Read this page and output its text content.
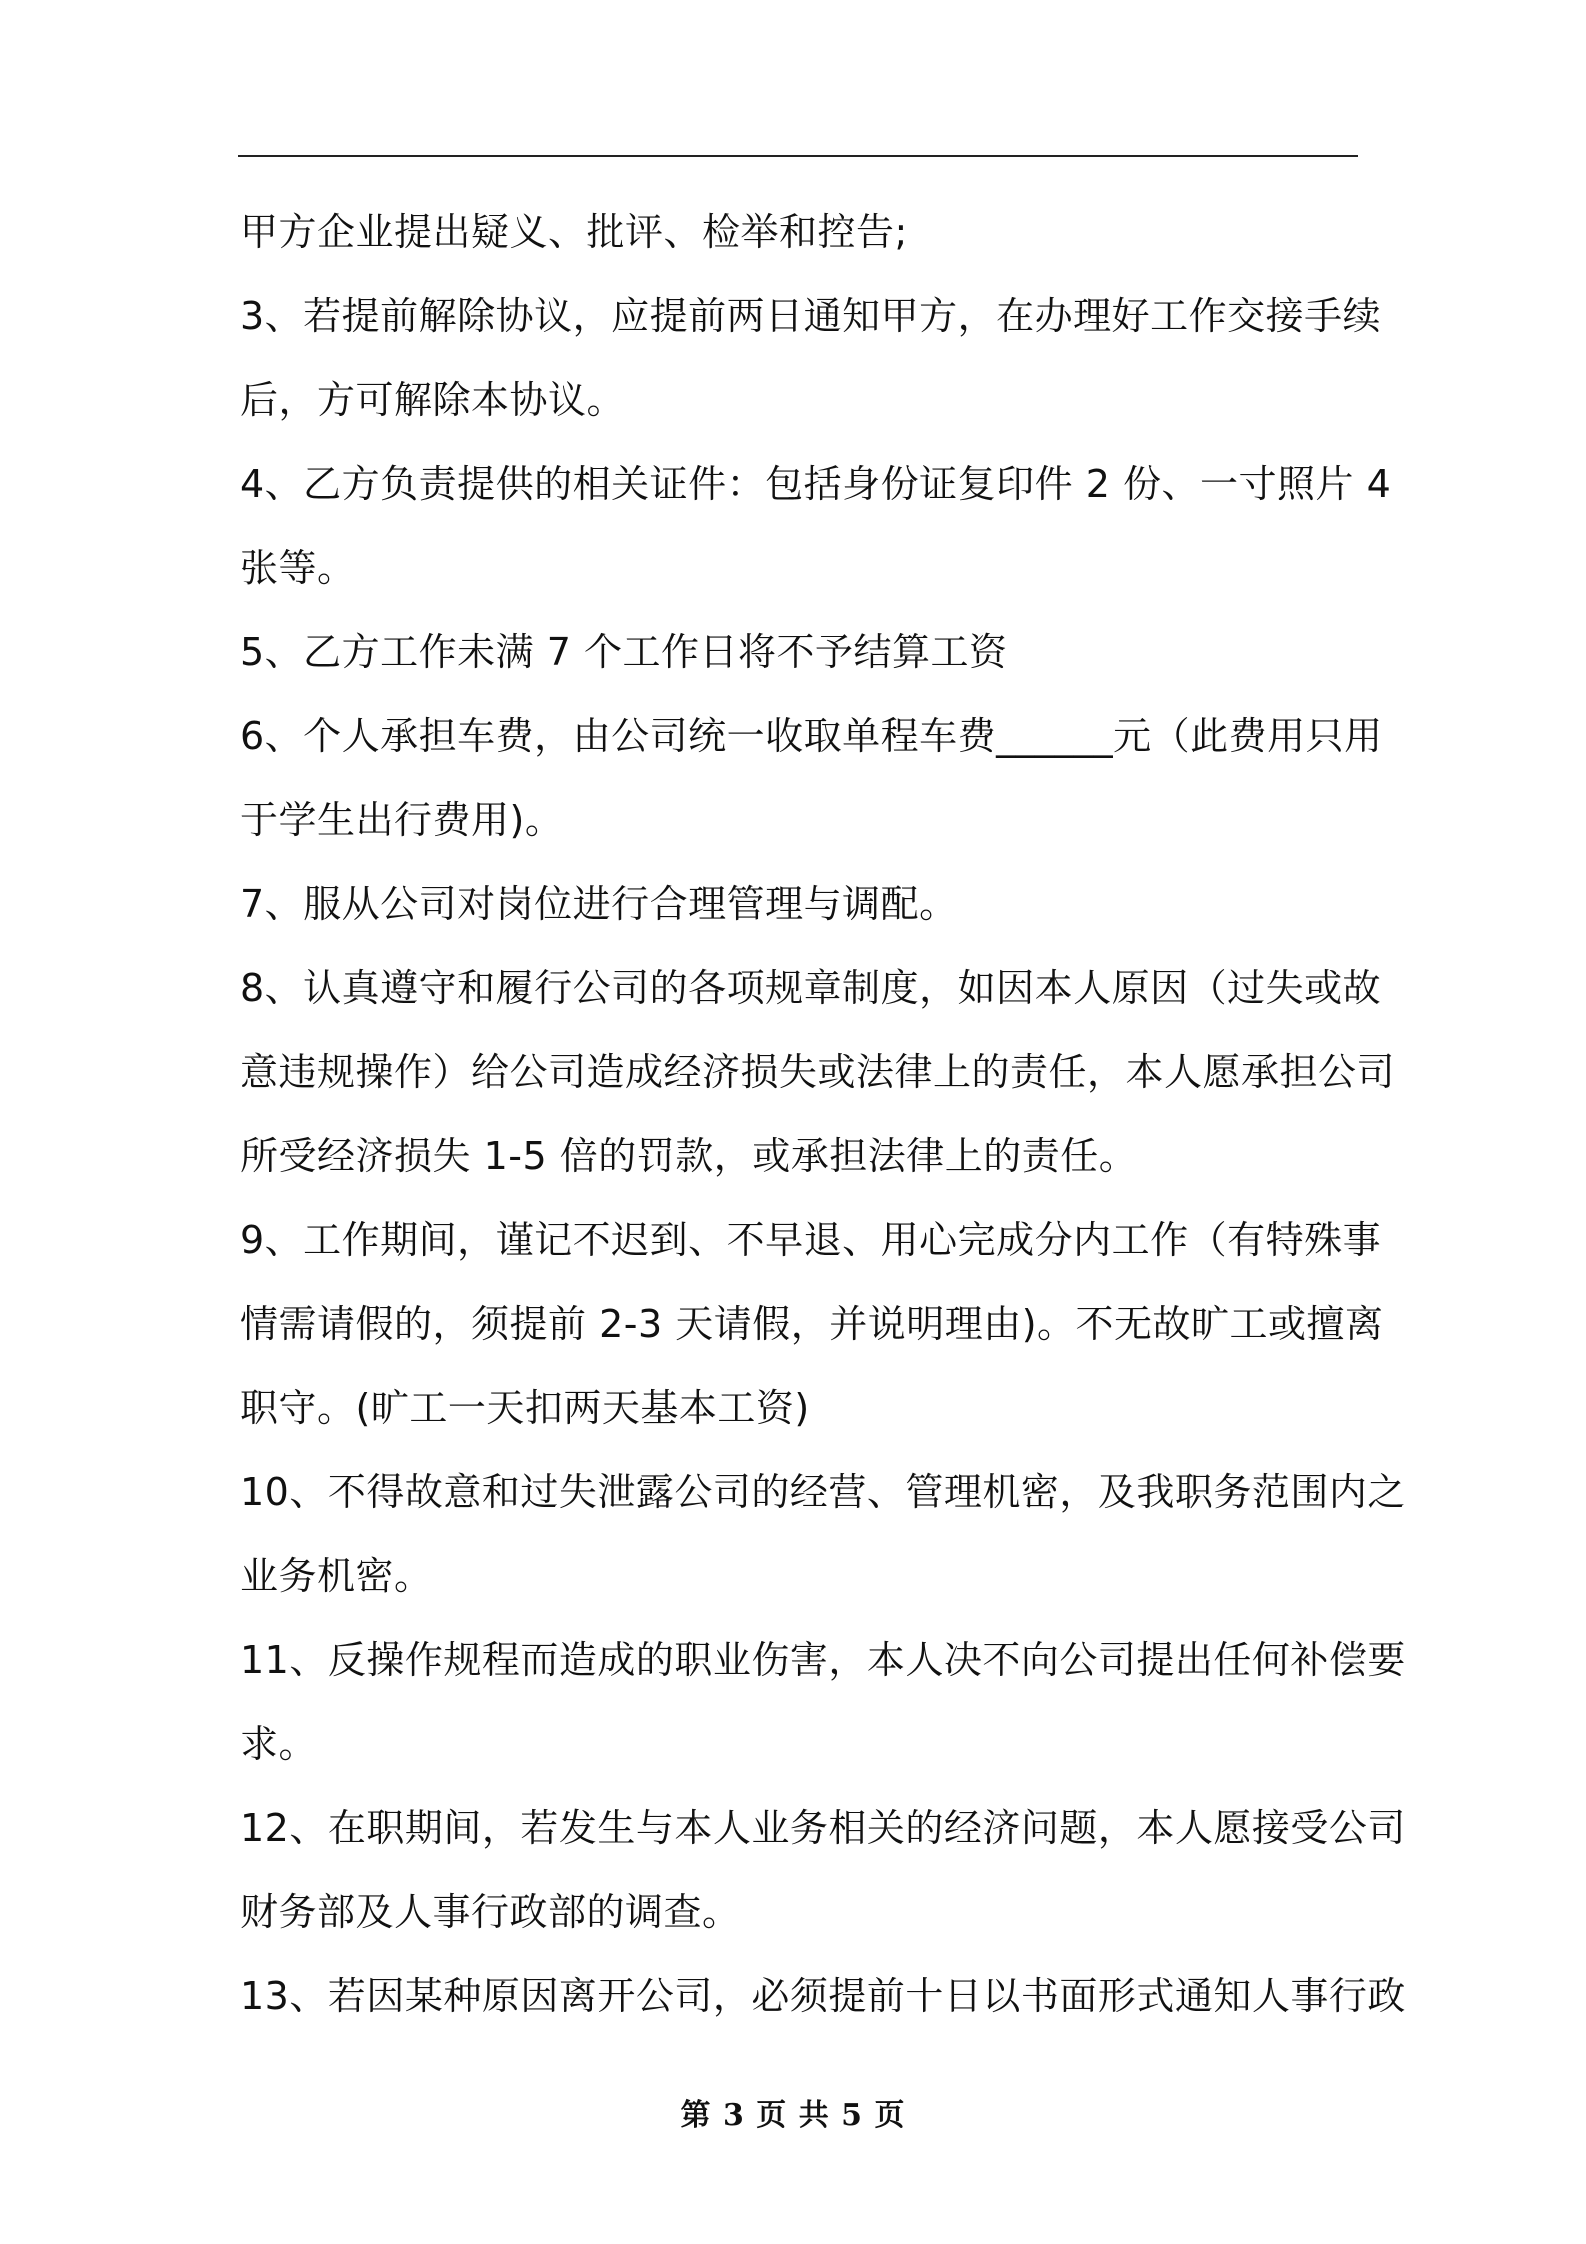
甲方企业提出疑义、批评、检举和控告;
3、若提前解除协议，应提前两日通知甲方，在办理好工作交接手续
后，方可解除本协议。
4、乙方负责提供的相关证件：包括身份证复印件 2 份、一寸照片 4
张等。
5、乙方工作未满 7 个工作日将不予结算工资
6、个人承担车费，由公司统一收取单程车费______元（此费用只用
于学生出行费用)。
7、服从公司对岗位进行合理管理与调配。
8、认真遵守和履行公司的各项规章制度，如因本人原因（过失或故
意违规操作）给公司造成经济损失或法律上的责任，本人愿承担公司
所受经济损失 1-5 倍的罚款，或承担法律上的责任。
9、工作期间，谨记不迟到、不早退、用心完成分内工作（有特殊事
情需请假的，须提前 2-3 天请假，并说明理由)。不无故旷工或擅离
职守。(旷工一天扣两天基本工资)
10、不得故意和过失泄露公司的经营、管理机密，及我职务范围内之
业务机密。
11、反操作规程而造成的职业伤害，本人决不向公司提出任何补偿要
求。
12、在职期间，若发生与本人业务相关的经济问题，本人愿接受公司
财务部及人事行政部的调查。
13、若因某种原因离开公司，必须提前十日以书面形式通知人事行政
第 3 页 共 5 页
